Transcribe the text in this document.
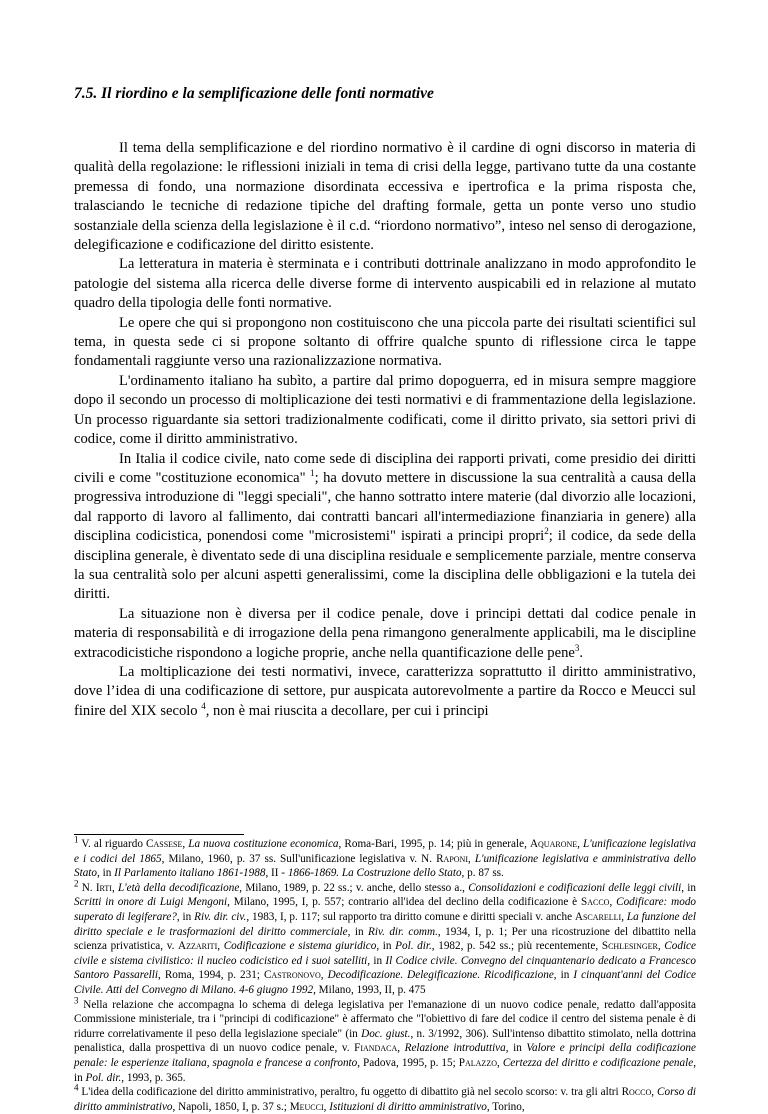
7.5. Il riordino e la semplificazione delle fonti normative

Il tema della semplificazione e del riordino normativo è il cardine di ogni discorso in materia di qualità della regolazione: le riflessioni iniziali in tema di crisi della legge, partivano tutte da una costante premessa di fondo, una normazione disordinata eccessiva e ipertrofica e la prima risposta che, tralasciando le tecniche di redazione tipiche del drafting formale, getta un ponte verso uno studio sostanziale della scienza della legislazione è il c.d. “riordono normativo”, inteso nel senso di derogazione, delegificazione e codificazione del diritto esistente.

La letteratura in materia è sterminata e i contributi dottrinale analizzano in modo approfondito le patologie del sistema alla ricerca delle diverse forme di intervento auspicabili ed in relazione al mutato quadro della tipologia delle fonti normative.

Le opere che qui si propongono non costituiscono che una piccola parte dei risultati scientifici sul tema, in questa sede ci si propone soltanto di offrire qualche spunto di riflessione circa le tappe fondamentali raggiunte verso una razionalizzazione normativa.

L'ordinamento italiano ha subìto, a partire dal primo dopoguerra, ed in misura sempre maggiore dopo il secondo un processo di moltiplicazione dei testi normativi e di frammentazione della legislazione. Un processo riguardante sia settori tradizionalmente codificati, come il diritto privato, sia settori privi di codice, come il diritto amministrativo.

In Italia il codice civile, nato come sede di disciplina dei rapporti privati, come presidio dei diritti civili e come "costituzione economica" $^1$; ha dovuto mettere in discussione la sua centralità a causa della progressiva introduzione di "leggi speciali", che hanno sottratto intere materie (dal divorzio alle locazioni, dal rapporto di lavoro al fallimento, dai contratti bancari all'intermediazione finanziaria in genere) alla disciplina codicistica, ponendosi come "microsistemi" ispirati a principi propri$^2$; il codice, da sede della disciplina generale, è diventato sede di una disciplina residuale e semplicemente parziale, mentre conserva la sua centralità solo per alcuni aspetti generalissimi, come la disciplina delle obbligazioni e la tutela dei diritti.

La situazione non è diversa per il codice penale, dove i principi dettati dal codice penale in materia di responsabilità e di irrogazione della pena rimangono generalmente applicabili, ma le discipline extracodicistiche rispondono a logiche proprie, anche nella quantificazione delle pene$^3$.

La moltiplicazione dei testi normativi, invece, caratterizza soprattutto il diritto amministrativo, dove l’idea di una codificazione di settore, pur auspicata autorevolmente a partire da Rocco e Meucci sul finire del XIX secolo $^4$, non è mai riuscita a decollare, per cui i principi

$^1$ V. al riguardo Cassese, La nuova costituzione economica, Roma-Bari, 1995, p. 14; più in generale, Aquarone, L'unificazione legislativa e i codici del 1865, Milano, 1960, p. 37 ss. Sull'unificazione legislativa v. N. Raponi, L'unificazione legislativa e amministrativa dello Stato, in Il Parlamento italiano 1861-1988, II - 1866-1869. La Costruzione dello Stato, p. 87 ss.

$^2$ N. Irti, L'età della decodificazione, Milano, 1989, p. 22 ss.; v. anche, dello stesso a., Consolidazioni e codificazioni delle leggi civili, in Scritti in onore di Luigi Mengoni, Milano, 1995, I, p. 557; contrario all'idea del declino della codificazione è Sacco, Codificare: modo superato di legiferare?, in Riv. dir. civ., 1983, I, p. 117; sul rapporto tra diritto comune e diritti speciali v. anche Ascarelli, La funzione del diritto speciale e le trasformazioni del diritto commerciale, in Riv. dir. comm., 1934, I, p. 1; Per una ricostruzione del dibattito nella scienza privatistica, v. Azzariti, Codificazione e sistema giuridico, in Pol. dir., 1982, p. 542 ss.; più recentemente, Schlesinger, Codice civile e sistema civilistico: il nucleo codicistico ed i suoi satelliti, in Il Codice civile. Convegno del cinquantenario dedicato a Francesco Santoro Passarelli, Roma, 1994, p. 231; Castronovo, Decodificazione. Delegificazione. Ricodificazione, in I cinquant'anni del Codice Civile. Atti del Convegno di Milano. 4-6 giugno 1992, Milano, 1993, II, p. 475

$^3$ Nella relazione che accompagna lo schema di delega legislativa per l'emanazione di un nuovo codice penale, redatto dall'apposita Commissione ministeriale, tra i "principi di codificazione" è affermato che "l'obiettivo di fare del codice il centro del sistema penale è di ridurre correlativamente il peso della legislazione speciale" (in Doc. giust., n. 3/1992, 306). Sull'intenso dibattito stimolato, nella dottrina penalistica, dalla prospettiva di un nuovo codice penale, v. Fiandaca, Relazione introduttiva, in Valore e principi della codificazione penale: le esperienze italiana, spagnola e francese a confronto, Padova, 1995, p. 15; Palazzo, Certezza del diritto e codificazione penale, in Pol. dir., 1993, p. 365.

$^4$ L'idea della codificazione del diritto amministrativo, peraltro, fu oggetto di dibattito già nel secolo scorso: v. tra gli altri Rocco, Corso di diritto amministrativo, Napoli, 1850, I, p. 37 s.; Meucci, Istituzioni di diritto amministrativo, Torino,
